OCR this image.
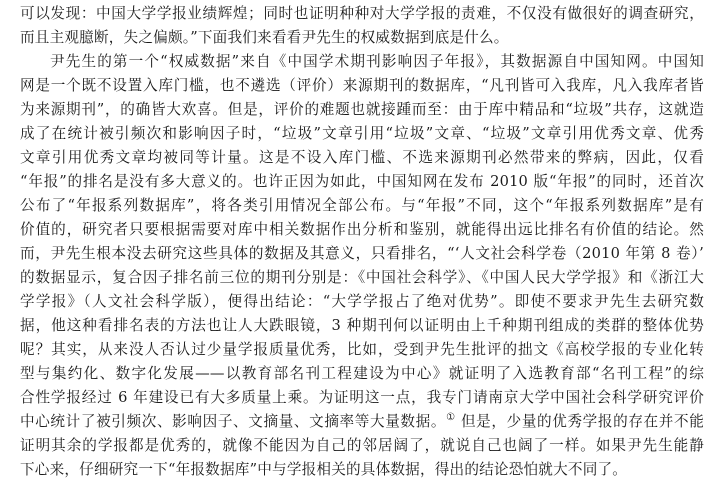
可以发现：中国大学学报业绩辉煌；同时也证明种种对大学学报的责难，不仅没有做很好的调查研究，
而且主观臆断，失之偏颇。”下面我们来看看尹先生的权威数据到底是什么。
尹先生的第一个“权威数据”来自《中国学术期刊影响因子年报》，其数据源自中国知网。中国知
网是一个既不设置入库门槛，也不遴选（评价）来源期刊的数据库，“凡刊皆可入我库，凡入我库者皆
为来源期刊”，的确皆大欢喜。但是，评价的难题也就接踵而至：由于库中精品和“垃圾”共存，这就造
成了在统计被引频次和影响因子时，“垃圾”文章引用“垃圾”文章、“垃圾”文章引用优秀文章、优秀
文章引用优秀文章均被同等计量。这是不设入库门槛、不选来源期刊必然带来的弊病，因此，仅看
“年报”的排名是没有多大意义的。也许正因为如此，中国知网在发布 2010 版“年报”的同时，还首次
公布了“年报系列数据库”，将各类引用情况全部公布。与“年报”不同，这个“年报系列数据库”是有
价值的，研究者只要根据需要对库中相关数据作出分析和鉴别，就能得出远比排名有价值的结论。然
而，尹先生根本没去研究这些具体的数据及其意义，只看排名，“‘人文社会科学卷（2010 年第 8 卷）’
的数据显示，复合因子排名前三位的期刊分别是：《中国社会科学》、《中国人民大学学报》和《浙江大
学学报》（人文社会科学版），便得出结论：“大学学报占了绝对优势”。即使不要求尹先生去研究数
据，他这种看排名表的方法也让人大跌眼镜，3 种期刊何以证明由上千种期刊组成的类群的整体优势
呢？其实，从来没人否认过少量学报质量优秀，比如，受到尹先生批评的拙文《高校学报的专业化转
型与集约化、数字化发展——以教育部名刊工程建设为中心》就证明了入选教育部“名刊工程”的综
合性学报经过 6 年建设已有大多质量上乘。为证明这一点，我专门请南京大学中国社会科学研究评价
中心统计了被引频次、影响因子、文摘量、文摘率等大量数据。① 但是，少量的优秀学报的存在并不能
证明其余的学报都是优秀的，就像不能因为自己的邻居阔了，就说自己也阔了一样。如果尹先生能静
下心来，仔细研究一下“年报数据库”中与学报相关的具体数据，得出的结论恐怕就大不同了。
